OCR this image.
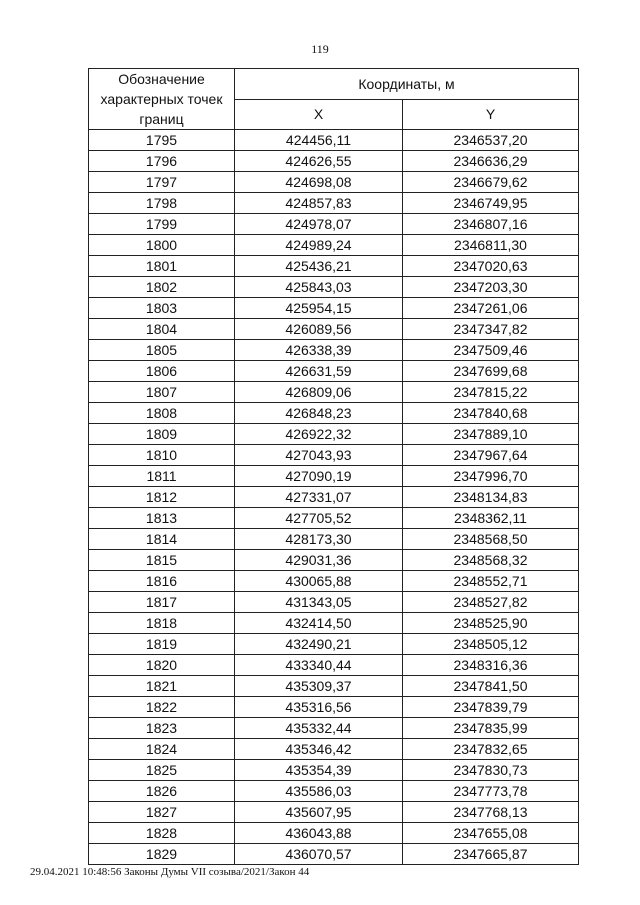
119
Обозначение характерных точек границ	Координаты, м	
	X	Y
1795	424456,11	2346537,20
1796	424626,55	2346636,29
1797	424698,08	2346679,62
1798	424857,83	2346749,95
1799	424978,07	2346807,16
1800	424989,24	2346811,30
1801	425436,21	2347020,63
1802	425843,03	2347203,30
1803	425954,15	2347261,06
1804	426089,56	2347347,82
1805	426338,39	2347509,46
1806	426631,59	2347699,68
1807	426809,06	2347815,22
1808	426848,23	2347840,68
1809	426922,32	2347889,10
1810	427043,93	2347967,64
1811	427090,19	2347996,70
1812	427331,07	2348134,83
1813	427705,52	2348362,11
1814	428173,30	2348568,50
1815	429031,36	2348568,32
1816	430065,88	2348552,71
1817	431343,05	2348527,82
1818	432414,50	2348525,90
1819	432490,21	2348505,12
1820	433340,44	2348316,36
1821	435309,37	2347841,50
1822	435316,56	2347839,79
1823	435332,44	2347835,99
1824	435346,42	2347832,65
1825	435354,39	2347830,73
1826	435586,03	2347773,78
1827	435607,95	2347768,13
1828	436043,88	2347655,08
1829	436070,57	2347665,87
29.04.2021 10:48:56 Законы Думы VII созыва/2021/Закон 44
